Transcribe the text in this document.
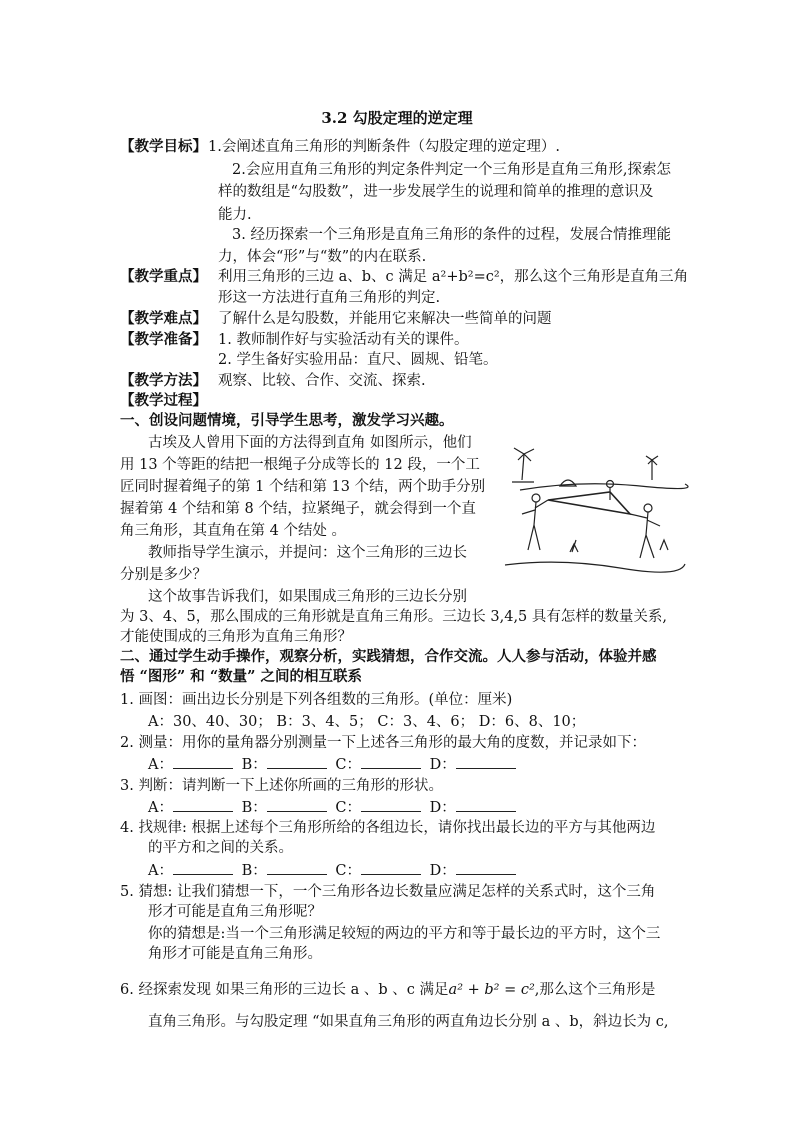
3.2 勾股定理的逆定理
【教学目标】 1.会阐述直角三角形的判断条件（勾股定理的逆定理）.
2.会应用直角三角形的判定条件判定一个三角形是直角三角形,探索怎
样的数组是“勾股数”，进一步发展学生的说理和简单的推理的意识及
能力.
3. 经历探索一个三角形是直角三角形的条件的过程，发展合情推理能
力，体会“形”与“数”的内在联系.
【教学重点】 利用三角形的三边 a、b、c 满足 a²+b²=c²，那么这个三角形是直角三角
形这一方法进行直角三角形的判定.
【教学难点】 了解什么是勾股数，并能用它来解决一些简单的问题
【教学准备】 1. 教师制作好与实验活动有关的课件。
2. 学生备好实验用品：直尺、圆规、铅笔。
【教学方法】 观察、比较、合作、交流、探索.
【教学过程】
一、创设问题情境，引导学生思考，激发学习兴趣。
古埃及人曾用下面的方法得到直角 如图所示，他们
用 13 个等距的结把一根绳子分成等长的 12 段，一个工
匠同时握着绳子的第 1 个结和第 13 个结，两个助手分别
握着第 4 个结和第 8 个结，拉紧绳子，就会得到一个直
角三角形，其直角在第 4 个结处 。
教师指导学生演示，并提问：这个三角形的三边长
分别是多少？
这个故事告诉我们，如果围成三角形的三边长分别
为 3、4、5，那么围成的三角形就是直角三角形。三边长 3,4,5 具有怎样的数量关系,
才能使围成的三角形为直角三角形？
二、通过学生动手操作，观察分析，实践猜想，合作交流。人人参与活动，体验并感
悟 “图形” 和 “数量” 之间的相互联系
1. 画图：画出边长分别是下列各组数的三角形。(单位：厘米)
A：30、40、30； B：3、4、5； C：3、4、6； D：6、8、10；
2. 测量：用你的量角器分别测量一下上述各三角形的最大角的度数，并记录如下：
A：	B：	C：	D：
3. 判断：请判断一下上述你所画的三角形的形状。
A：	B：	C：	D：
4. 找规律: 根据上述每个三角形所给的各组边长，请你找出最长边的平方与其他两边
的平方和之间的关系。
A：	B：	C：	D：
5. 猜想: 让我们猜想一下，一个三角形各边长数量应满足怎样的关系式时，这个三角
形才可能是直角三角形呢？
你的猜想是:当一个三角形满足较短的两边的平方和等于最长边的平方时，这个三
角形才可能是直角三角形。
6. 经探索发现 如果三角形的三边长 a 、b 、c 满足a² + b² = c²,那么这个三角形是
直角三角形。与勾股定理 “如果直角三角形的两直角边长分别 a 、b，斜边长为 c,
